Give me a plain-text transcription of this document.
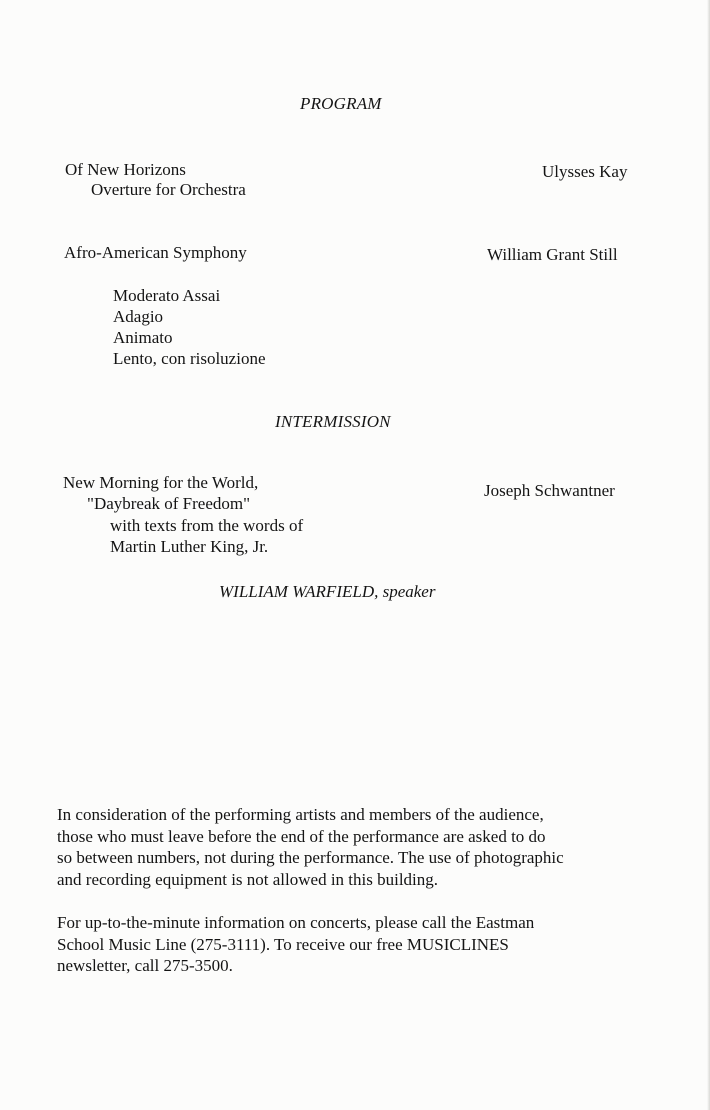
PROGRAM
Of New Horizons
Overture for Orchestra
Ulysses Kay
Afro-American Symphony	William Grant Still
Moderato Assai
Adagio
Animato
Lento, con risoluzione
INTERMISSION
New Morning for the World,
"Daybreak of Freedom"
with texts from the words of
Martin Luther King, Jr.
Joseph Schwantner
WILLIAM WARFIELD, speaker
In consideration of the performing artists and members of the audience,
those who must leave before the end of the performance are asked to do
so between numbers, not during the performance. The use of photographic
and recording equipment is not allowed in this building.
For up-to-the-minute information on concerts, please call the Eastman
School Music Line (275-3111). To receive our free MUSICLINES
newsletter, call 275-3500.
